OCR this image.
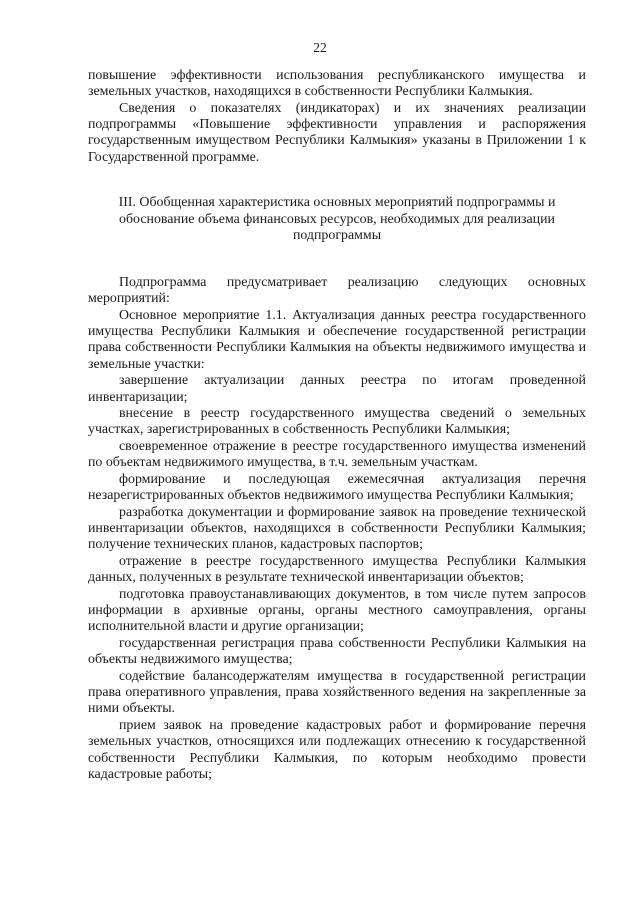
22

повышение эффективности использования республиканского имущества и земельных участков, находящихся в собственности Республики Калмыкия.

Сведения о показателях (индикаторах) и их значениях реализации подпрограммы «Повышение эффективности управления и распоряжения государственным имуществом Республики Калмыкия» указаны в Приложении 1 к Государственной программе.

III. Обобщенная характеристика основных мероприятий подпрограммы и обоснование объема финансовых ресурсов, необходимых для реализации подпрограммы

Подпрограмма предусматривает реализацию следующих основных мероприятий:

Основное мероприятие 1.1. Актуализация данных реестра государственного имущества Республики Калмыкия и обеспечение государственной регистрации права собственности Республики Калмыкия на объекты недвижимого имущества и земельные участки:

завершение актуализации данных реестра по итогам проведенной инвентаризации;

внесение в реестр государственного имущества сведений о земельных участках, зарегистрированных в собственность Республики Калмыкия;

своевременное отражение в реестре государственного имущества изменений по объектам недвижимого имущества, в т.ч. земельным участкам.

формирование и последующая ежемесячная актуализация перечня незарегистрированных объектов недвижимого имущества Республики Калмыкия;

разработка документации и формирование заявок на проведение технической инвентаризации объектов, находящихся в собственности Республики Калмыкия; получение технических планов, кадастровых паспортов;

отражение в реестре государственного имущества Республики Калмыкия данных, полученных в результате технической инвентаризации объектов;

подготовка правоустанавливающих документов, в том числе путем запросов информации в архивные органы, органы местного самоуправления, органы исполнительной власти и другие организации;

государственная регистрация права собственности Республики Калмыкия на объекты недвижимого имущества;

содействие балансодержателям имущества в государственной регистрации права оперативного управления, права хозяйственного ведения на закрепленные за ними объекты.

прием заявок на проведение кадастровых работ и формирование перечня земельных участков, относящихся или подлежащих отнесению к государственной собственности Республики Калмыкия, по которым необходимо провести кадастровые работы;
